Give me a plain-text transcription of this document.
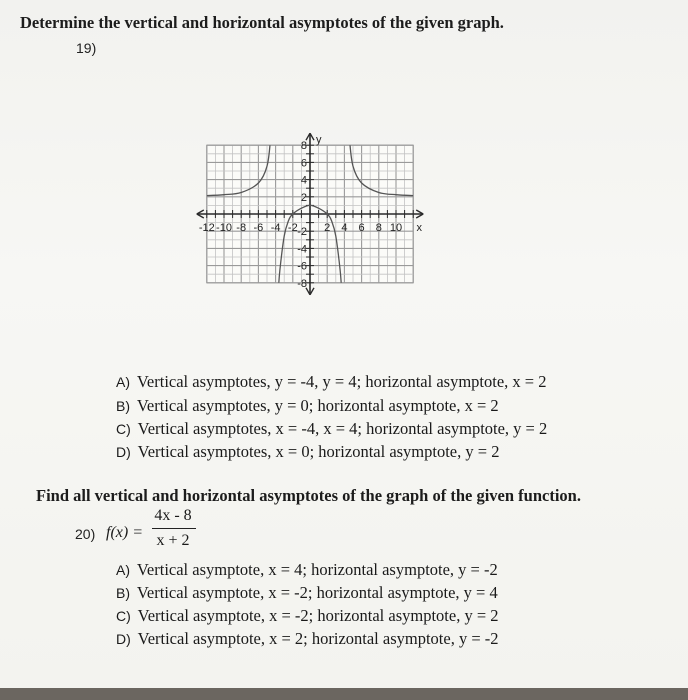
Determine the vertical and horizontal asymptotes of the given graph.
19)
-12 -10 -8 -6 -4 -2 2 4 6 8 10
8
6
4
2
-2
-4
-6
-8
x
y
A) Vertical asymptotes, y = -4, y = 4; horizontal asymptote, x = 2
B) Vertical asymptotes, y = 0; horizontal asymptote, x = 2
C) Vertical asymptotes, x = -4, x = 4; horizontal asymptote, y = 2
D) Vertical asymptotes, x = 0; horizontal asymptote, y = 2
Find all vertical and horizontal asymptotes of the graph of the given function.
20) f(x) =
4x - 8
x + 2
A) Vertical asymptote, x = 4; horizontal asymptote, y = -2
B) Vertical asymptote, x = -2; horizontal asymptote, y = 4
C) Vertical asymptote, x = -2; horizontal asymptote, y = 2
D) Vertical asymptote, x = 2; horizontal asymptote, y = -2
